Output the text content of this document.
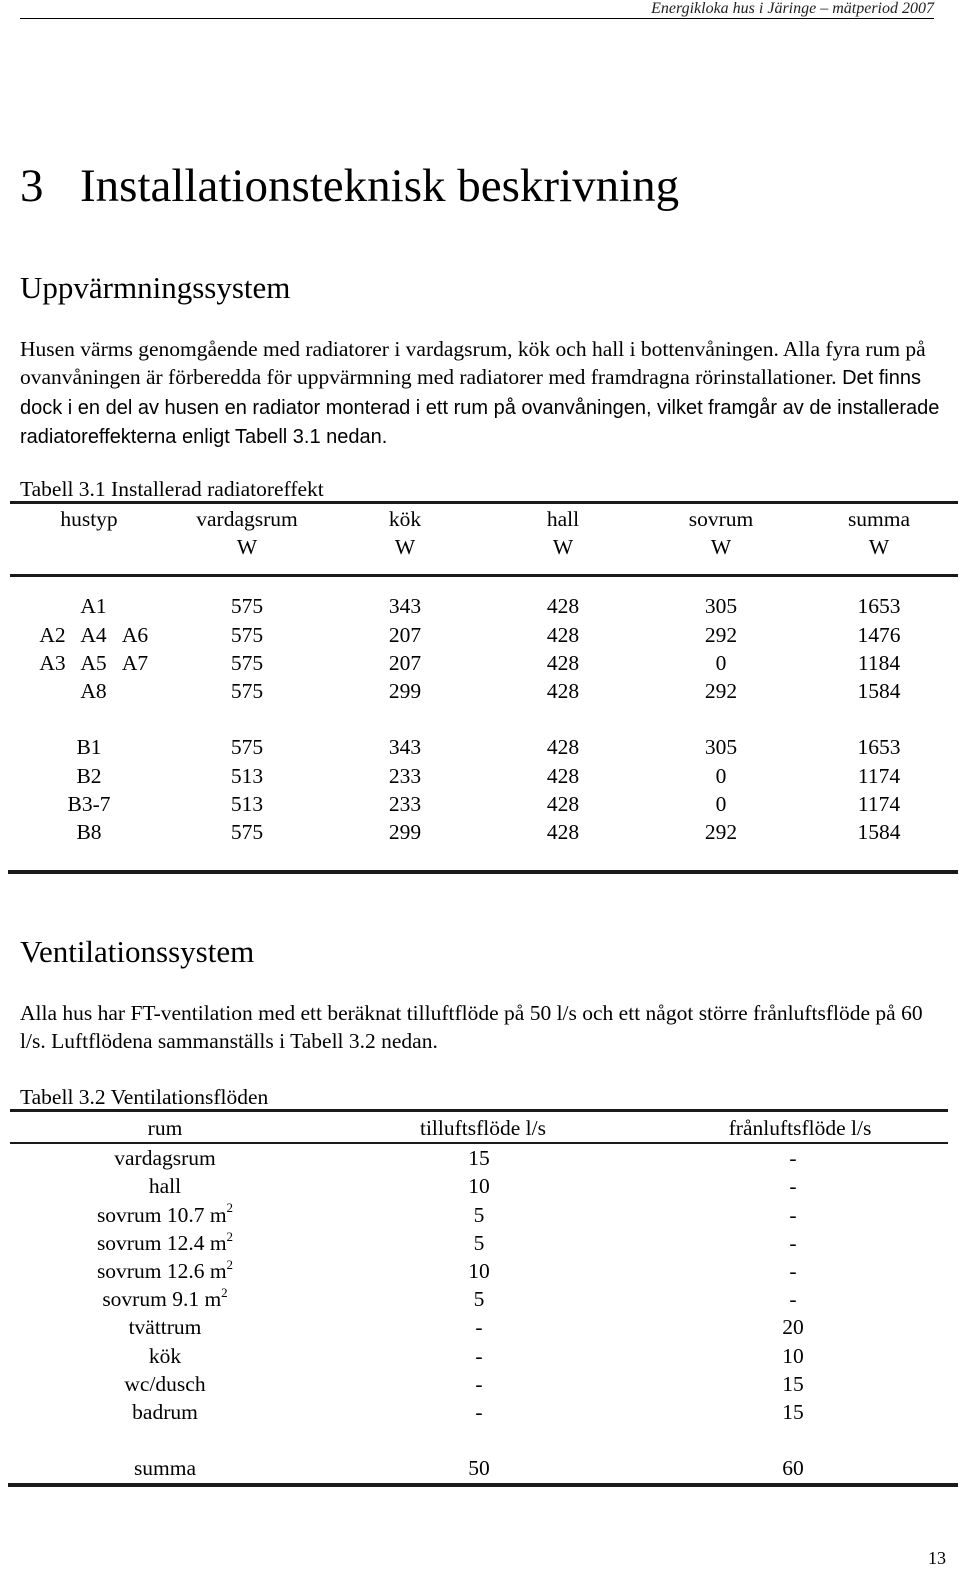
Energikloka hus i Järinge – mätperiod 2007
3 Installationsteknisk beskrivning
Uppvärmningssystem
Husen värms genomgående med radiatorer i vardagsrum, kök och hall i bottenvåningen. Alla fyra rum på ovanvåningen är förberedda för uppvärmning med radiatorer med framdragna rörinstallationer. Det finns dock i en del av husen en radiator monterad i ett rum på ovanvåningen, vilket framgår av de installerade radiatoreffekterna enligt Tabell 3.1 nedan.
Tabell 3.1 Installerad radiatoreffekt
hustyp	vardagsrum	kök	hall	sovrum	summa
	W	W	W	W	W

A1	575	343	428	305	1653
A2 A4 A6	575	207	428	292	1476
A3 A5 A7	575	207	428	0	1184
A8	575	299	428	292	1584

B1	575	343	428	305	1653
B2	513	233	428	0	1174
B3-7	513	233	428	0	1174
B8	575	299	428	292	1584
Ventilationssystem
Alla hus har FT-ventilation med ett beräknat tilluftflöde på 50 l/s och ett något större frånluftsflöde på 60 l/s. Luftflödena sammanställs i Tabell 3.2 nedan.
Tabell 3.2 Ventilationsflöden
rum	tilluftsflöde l/s	frånluftsflöde l/s

vardagsrum	15	-
hall	10	-
sovrum 10.7 $m^2$	5	-
sovrum 12.4 $m^2$	5	-
sovrum 12.6 $m^2$	10	-
sovrum 9.1 $m^2$	5	-
tvättrum	-	20
kök	-	10
wc/dusch	-	15
badrum	-	15

summa	50	60
13
